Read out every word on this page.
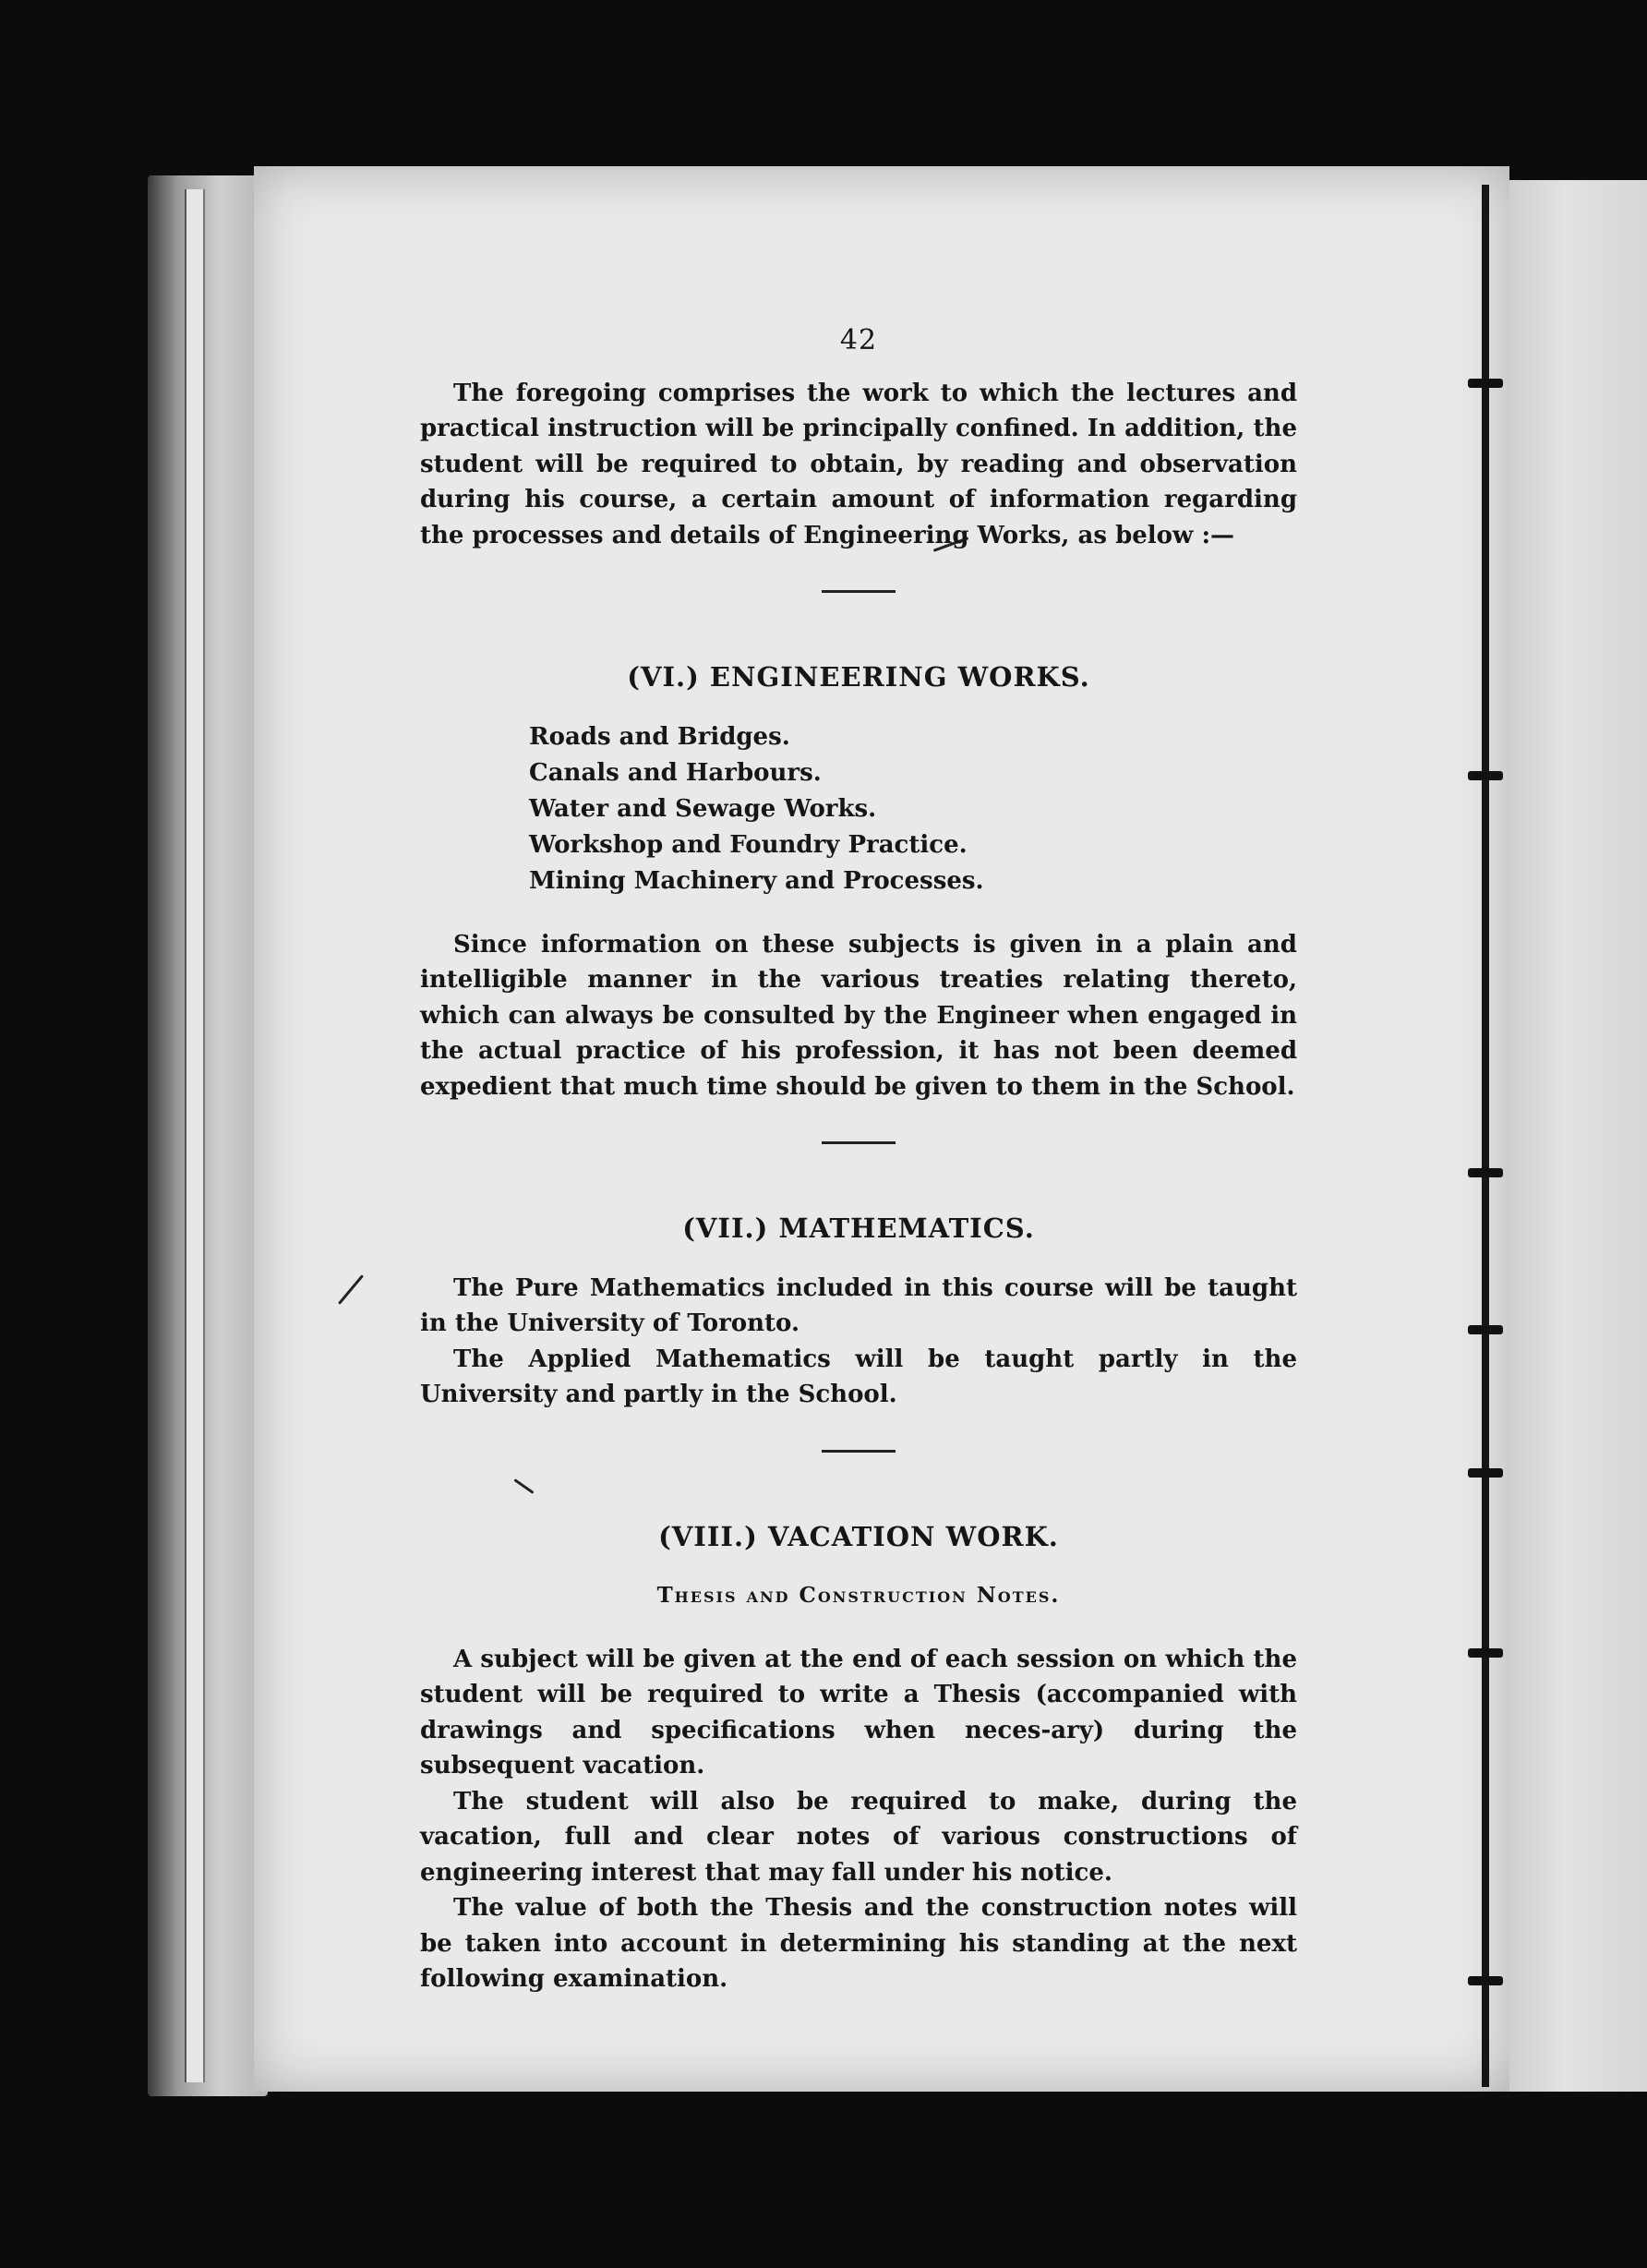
42

The foregoing comprises the work to which the lectures and practical instruction will be principally confined. In addition, the student will be required to obtain, by reading and observation during his course, a certain amount of information regarding the processes and details of Engineering Works, as below :—

(VI.) ENGINEERING WORKS.
Roads and Bridges.
Canals and Harbours.
Water and Sewage Works.
Workshop and Foundry Practice.
Mining Machinery and Processes.

Since information on these subjects is given in a plain and intelligible manner in the various treaties relating thereto, which can always be consulted by the Engineer when engaged in the actual practice of his profession, it has not been deemed expedient that much time should be given to them in the School.

(VII.) MATHEMATICS.

The Pure Mathematics included in this course will be taught in the University of Toronto.

The Applied Mathematics will be taught partly in the University and partly in the School.

(VIII.) VACATION WORK.
Thesis and Construction Notes.

A subject will be given at the end of each session on which the student will be required to write a Thesis (accompanied with drawings and specifications when neces-ary) during the subsequent vacation.

The student will also be required to make, during the vacation, full and clear notes of various constructions of engineering interest that may fall under his notice.

The value of both the Thesis and the construction notes will be taken into account in determining his standing at the next following examination.
